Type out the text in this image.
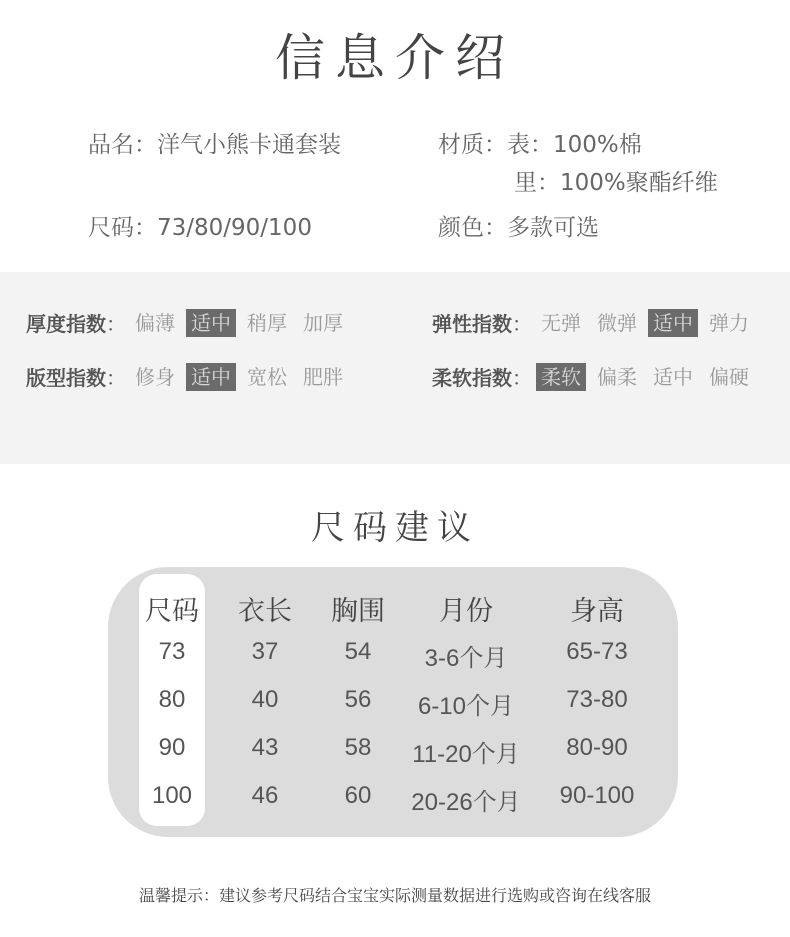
信息介绍
品名：洋气小熊卡通套装	材质：表：100%棉
里：100%聚酯纤维
尺码：73/80/90/100	颜色：多款可选
厚度指数： 偏薄 适中 稍厚 加厚	弹性指数： 无弹 微弹 适中 弹力
版型指数： 修身 适中 宽松 肥胖	柔软指数： 柔软 偏柔 适中 偏硬
尺码建议
尺码	衣长	胸围	月份	身高
73	37	54	3-6个月	65-73
80	40	56	6-10个月	73-80
90	43	58	11-20个月	80-90
100	46	60	20-26个月	90-100
温馨提示：建议参考尺码结合宝宝实际测量数据进行选购或咨询在线客服
